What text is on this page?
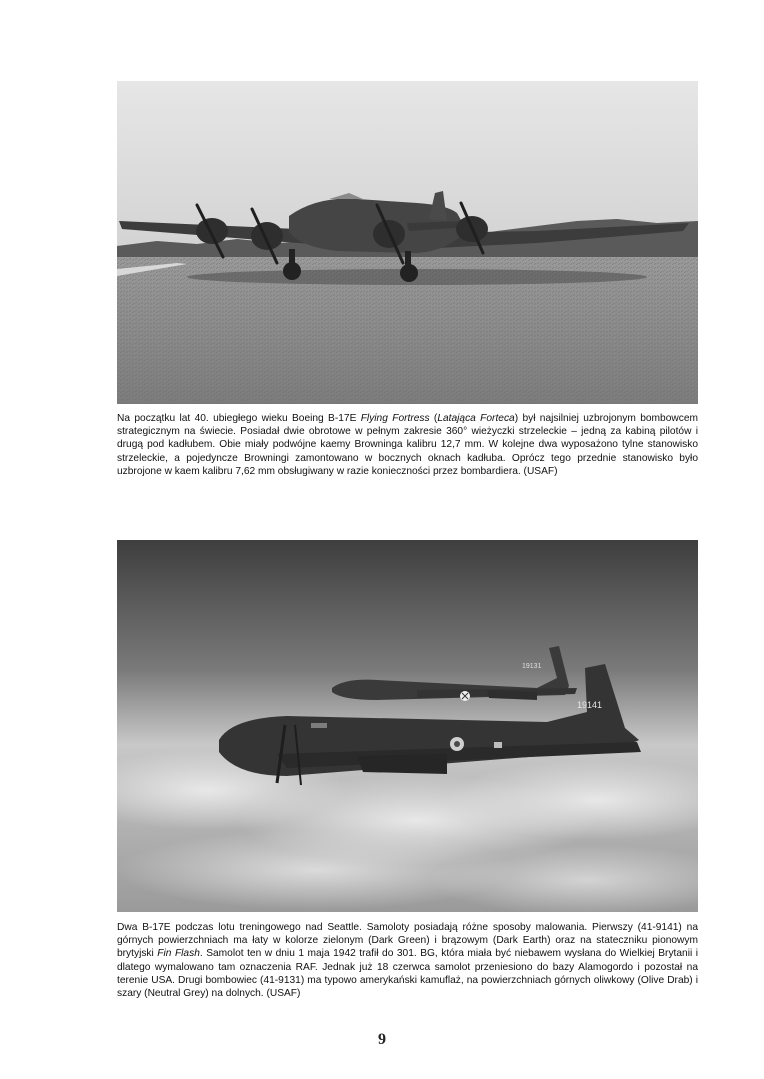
Na początku lat 40. ubiegłego wieku Boeing B-17E Flying Fortress (Latająca Forteca) był najsilniej uzbrojonym bombowcem strategicznym na świecie. Posiadał dwie obrotowe w pełnym zakresie 360° wieżyczki strzeleckie – jedną za kabiną pilotów i drugą pod kadłubem. Obie miały podwójne kaemy Browninga kalibru 12,7 mm. W kolejne dwa wyposażono tylne stanowisko strzeleckie, a pojedyncze Browningi zamontowano w bocznych oknach kadłuba. Oprócz tego przednie stanowisko było uzbrojone w kaem kalibru 7,62 mm obsługiwany w razie konieczności przez bombardiera. (USAF)
19131
19141
Dwa B-17E podczas lotu treningowego nad Seattle. Samoloty posiadają różne sposoby malowania. Pierwszy (41-9141) na górnych powierzchniach ma łaty w kolorze zielonym (Dark Green) i brązowym (Dark Earth) oraz na stateczniku pionowym brytyjski Fin Flash. Samolot ten w dniu 1 maja 1942 trafił do 301. BG, która miała być niebawem wysłana do Wielkiej Brytanii i dlatego wymalowano tam oznaczenia RAF. Jednak już 18 czerwca samolot przeniesiono do bazy Alamogordo i pozostał na terenie USA. Drugi bombowiec (41-9131) ma typowo amerykański kamuflaż, na powierzchniach górnych oliwkowy (Olive Drab) i szary (Neutral Grey) na dolnych. (USAF)
9
